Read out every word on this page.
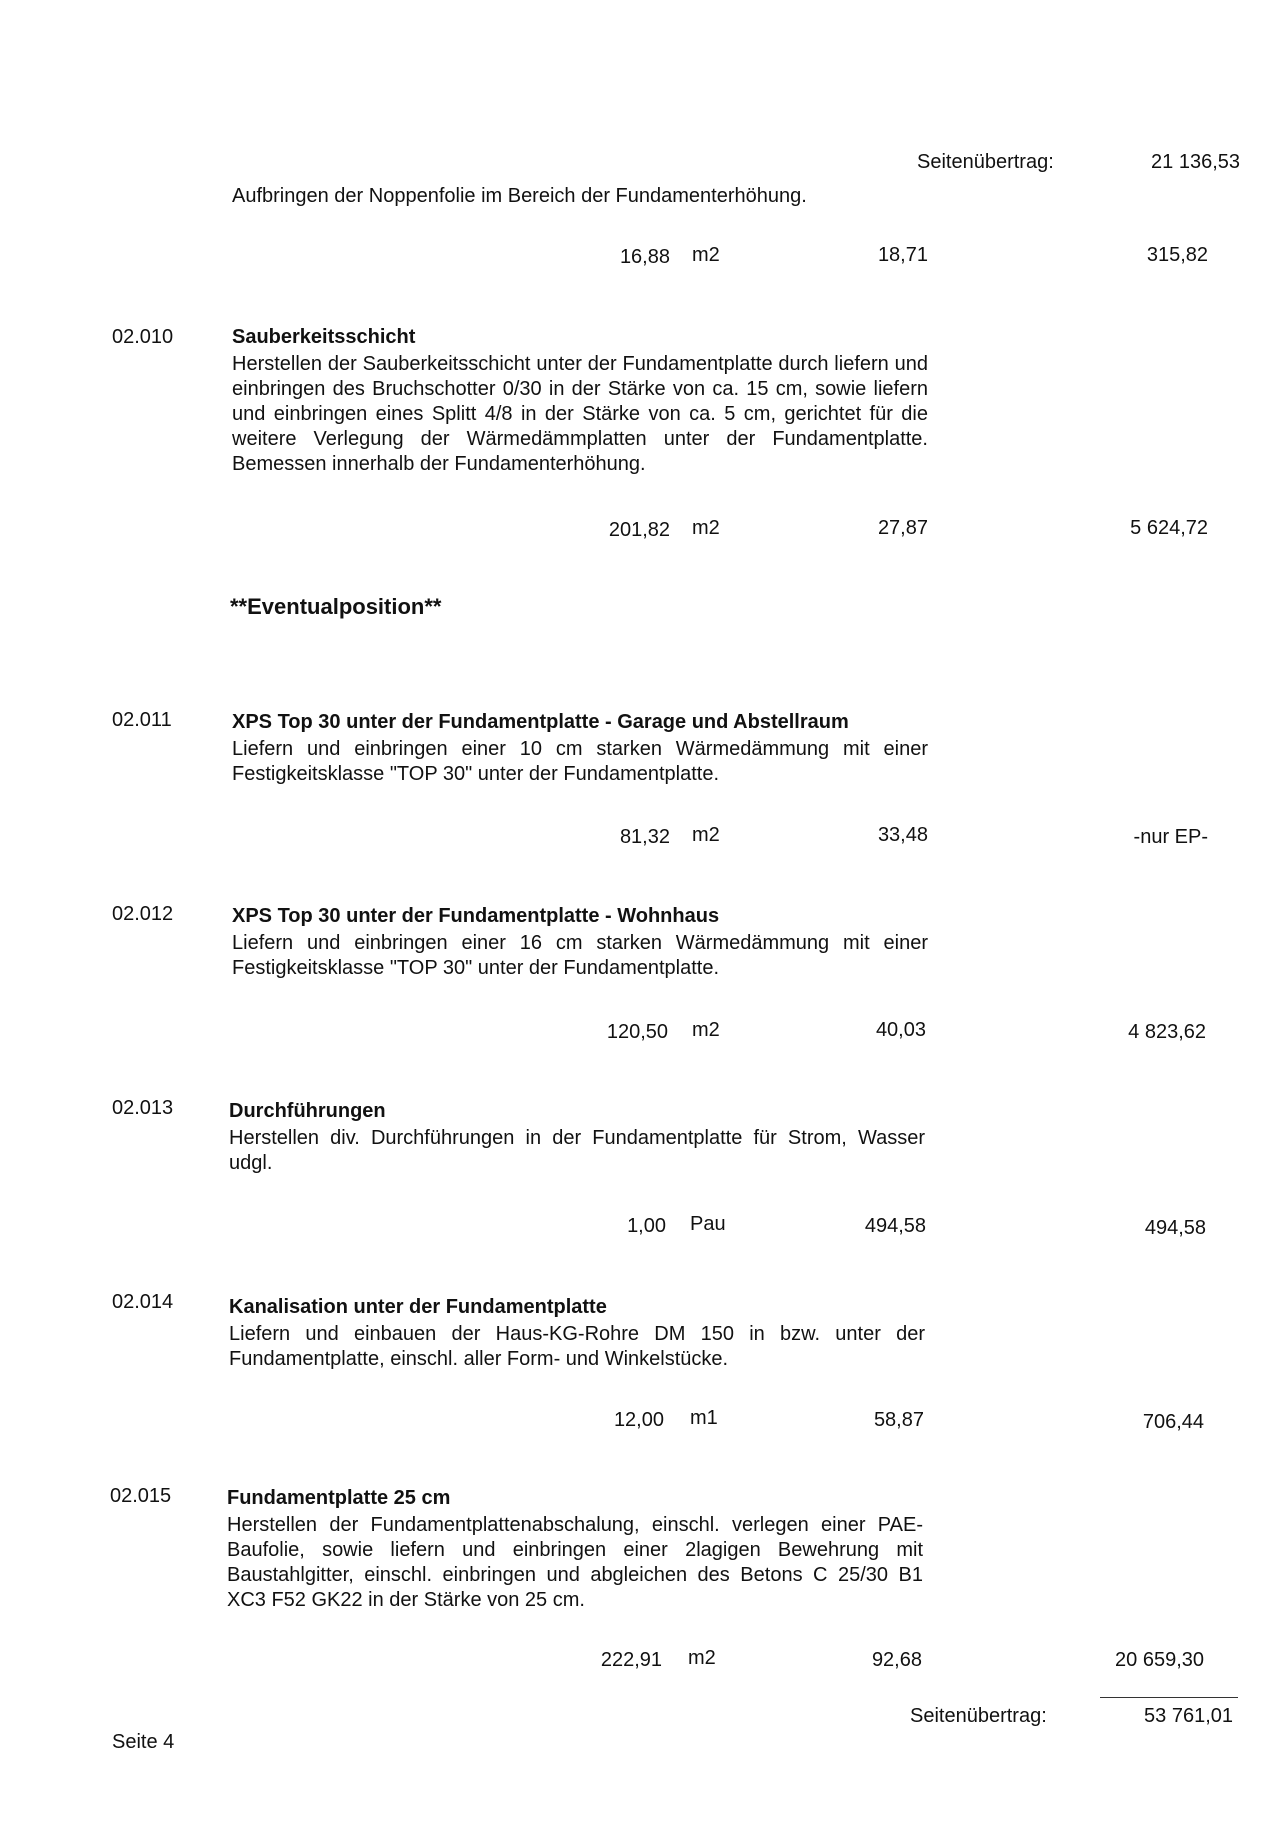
Seitenübertrag:	21 136,53
Aufbringen der Noppenfolie im Bereich der Fundamenterhöhung.
16,88 m2	18,71	315,82
02.010	Sauberkeitsschicht
Herstellen der Sauberkeitsschicht unter der Fundamentplatte durch liefern und einbringen des Bruchschotter 0/30 in der Stärke von ca. 15 cm, sowie liefern und einbringen eines Splitt 4/8 in der Stärke von ca. 5 cm, gerichtet für die weitere Verlegung der Wärmedämmplatten unter der Fundamentplatte. Bemessen innerhalb der Fundamenterhöhung.
201,82 m2	27,87	5 624,72
**Eventualposition**
02.011	XPS Top 30 unter der Fundamentplatte - Garage und Abstellraum
Liefern und einbringen einer 10 cm starken Wärmedämmung mit einer Festigkeitsklasse "TOP 30" unter der Fundamentplatte.
81,32 m2	33,48	-nur EP-
02.012	XPS Top 30 unter der Fundamentplatte - Wohnhaus
Liefern und einbringen einer 16 cm starken Wärmedämmung mit einer Festigkeitsklasse "TOP 30" unter der Fundamentplatte.
120,50 m2	40,03	4 823,62
02.013	Durchführungen
Herstellen div. Durchführungen in der Fundamentplatte für Strom, Wasser udgl.
1,00 Pau	494,58	494,58
02.014	Kanalisation unter der Fundamentplatte
Liefern und einbauen der Haus-KG-Rohre DM 150 in bzw. unter der Fundamentplatte, einschl. aller Form- und Winkelstücke.
12,00 m1	58,87	706,44
02.015	Fundamentplatte 25 cm
Herstellen der Fundamentplattenabschalung, einschl. verlegen einer PAE-Baufolie, sowie liefern und einbringen einer 2lagigen Bewehrung mit Baustahlgitter, einschl. einbringen und abgleichen des Betons C 25/30 B1 XC3 F52 GK22 in der Stärke von 25 cm.
222,91 m2	92,68	20 659,30
Seitenübertrag:	53 761,01
Seite 4
